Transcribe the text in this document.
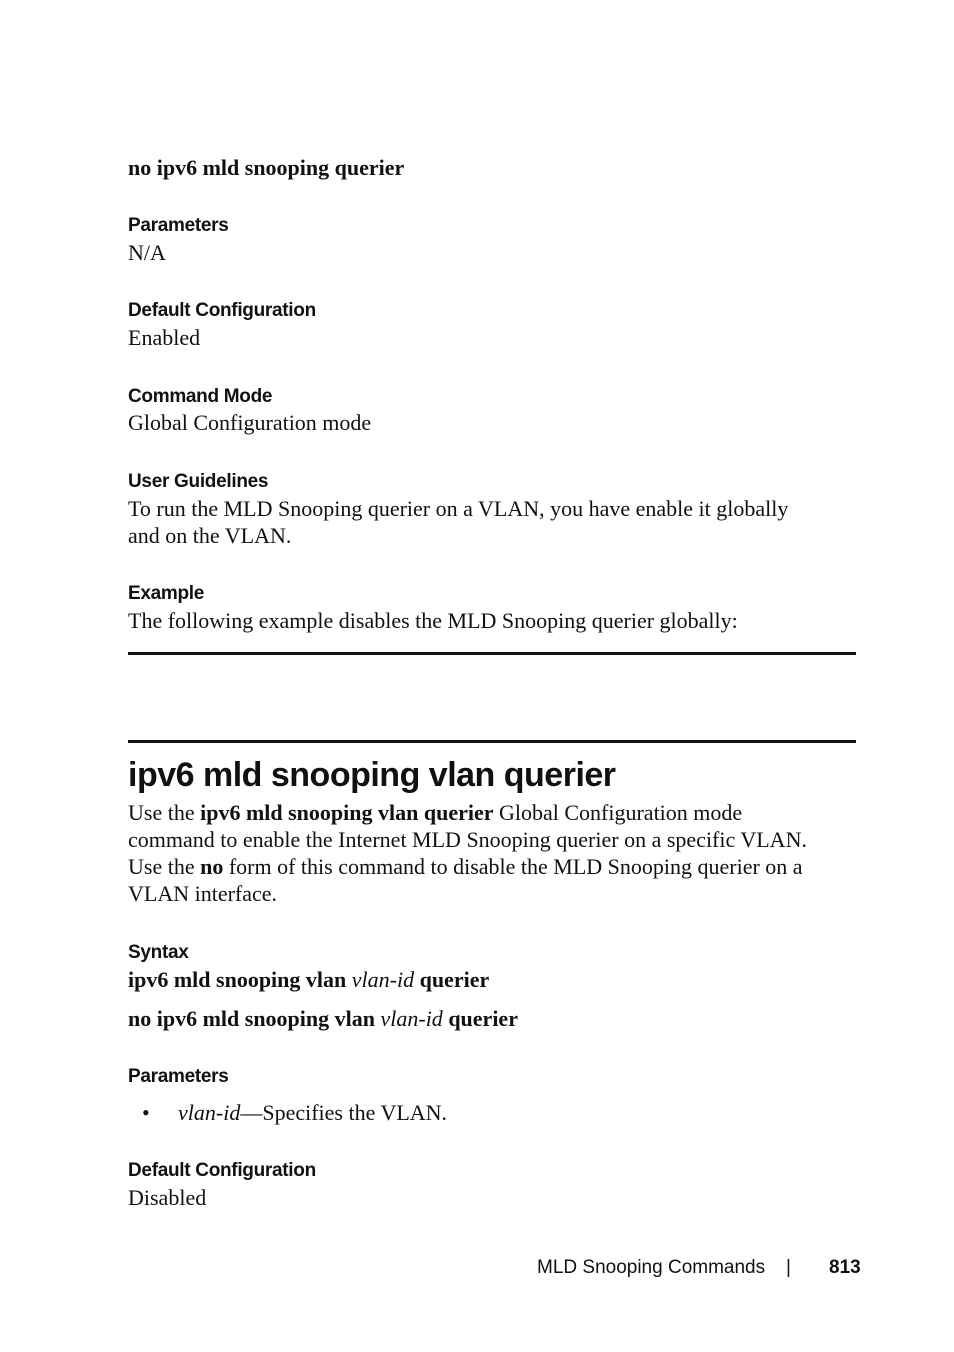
no ipv6 mld snooping querier
Parameters
N/A
Default Configuration
Enabled
Command Mode
Global Configuration mode
User Guidelines
To run the MLD Snooping querier on a VLAN, you have enable it globally
and on the VLAN.
Example
The following example disables the MLD Snooping querier globally:
ipv6 mld snooping vlan querier
Use the ipv6 mld snooping vlan querier Global Configuration mode
command to enable the Internet MLD Snooping querier on a specific VLAN.
Use the no form of this command to disable the MLD Snooping querier on a
VLAN interface.
Syntax
ipv6 mld snooping vlan vlan-id querier
no ipv6 mld snooping vlan vlan-id querier
Parameters
• vlan-id—Specifies the VLAN.
Default Configuration
Disabled
MLD Snooping Commands | 813
